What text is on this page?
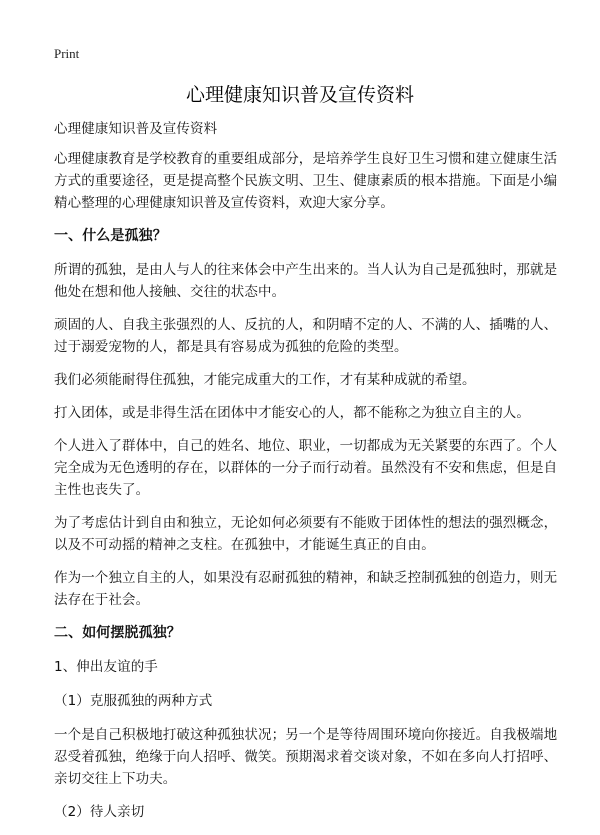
Print
心理健康知识普及宣传资料

心理健康知识普及宣传资料

心理健康教育是学校教育的重要组成部分，是培养学生良好卫生习惯和建立健康生活方式的重要途径，更是提高整个民族文明、卫生、健康素质的根本措施。下面是小编精心整理的心理健康知识普及宣传资料，欢迎大家分享。

一、什么是孤独？

所谓的孤独，是由人与人的往来体会中产生出来的。当人认为自己是孤独时，那就是他处在想和他人接触、交往的状态中。

顽固的人、自我主张强烈的人、反抗的人，和阴晴不定的人、不满的人、插嘴的人、过于溺爱宠物的人，都是具有容易成为孤独的危险的类型。

我们必须能耐得住孤独，才能完成重大的工作，才有某种成就的希望。

打入团体，或是非得生活在团体中才能安心的人，都不能称之为独立自主的人。

个人进入了群体中，自己的姓名、地位、职业，一切都成为无关紧要的东西了。个人完全成为无色透明的存在，以群体的一分子而行动着。虽然没有不安和焦虑，但是自主性也丧失了。

为了考虑估计到自由和独立，无论如何必须要有不能败于团体性的想法的强烈概念，以及不可动摇的精神之支柱。在孤独中，才能诞生真正的自由。

作为一个独立自主的人，如果没有忍耐孤独的精神，和缺乏控制孤独的创造力，则无法存在于社会。

二、如何摆脱孤独？

1、伸出友谊的手

（1）克服孤独的两种方式

一个是自己积极地打破这种孤独状况；另一个是等待周围环境向你接近。自我极端地忍受着孤独，绝缘于向人招呼、微笑。预期渴求着交谈对象，不如在多向人打招呼、亲切交往上下功夫。

（2）待人亲切
